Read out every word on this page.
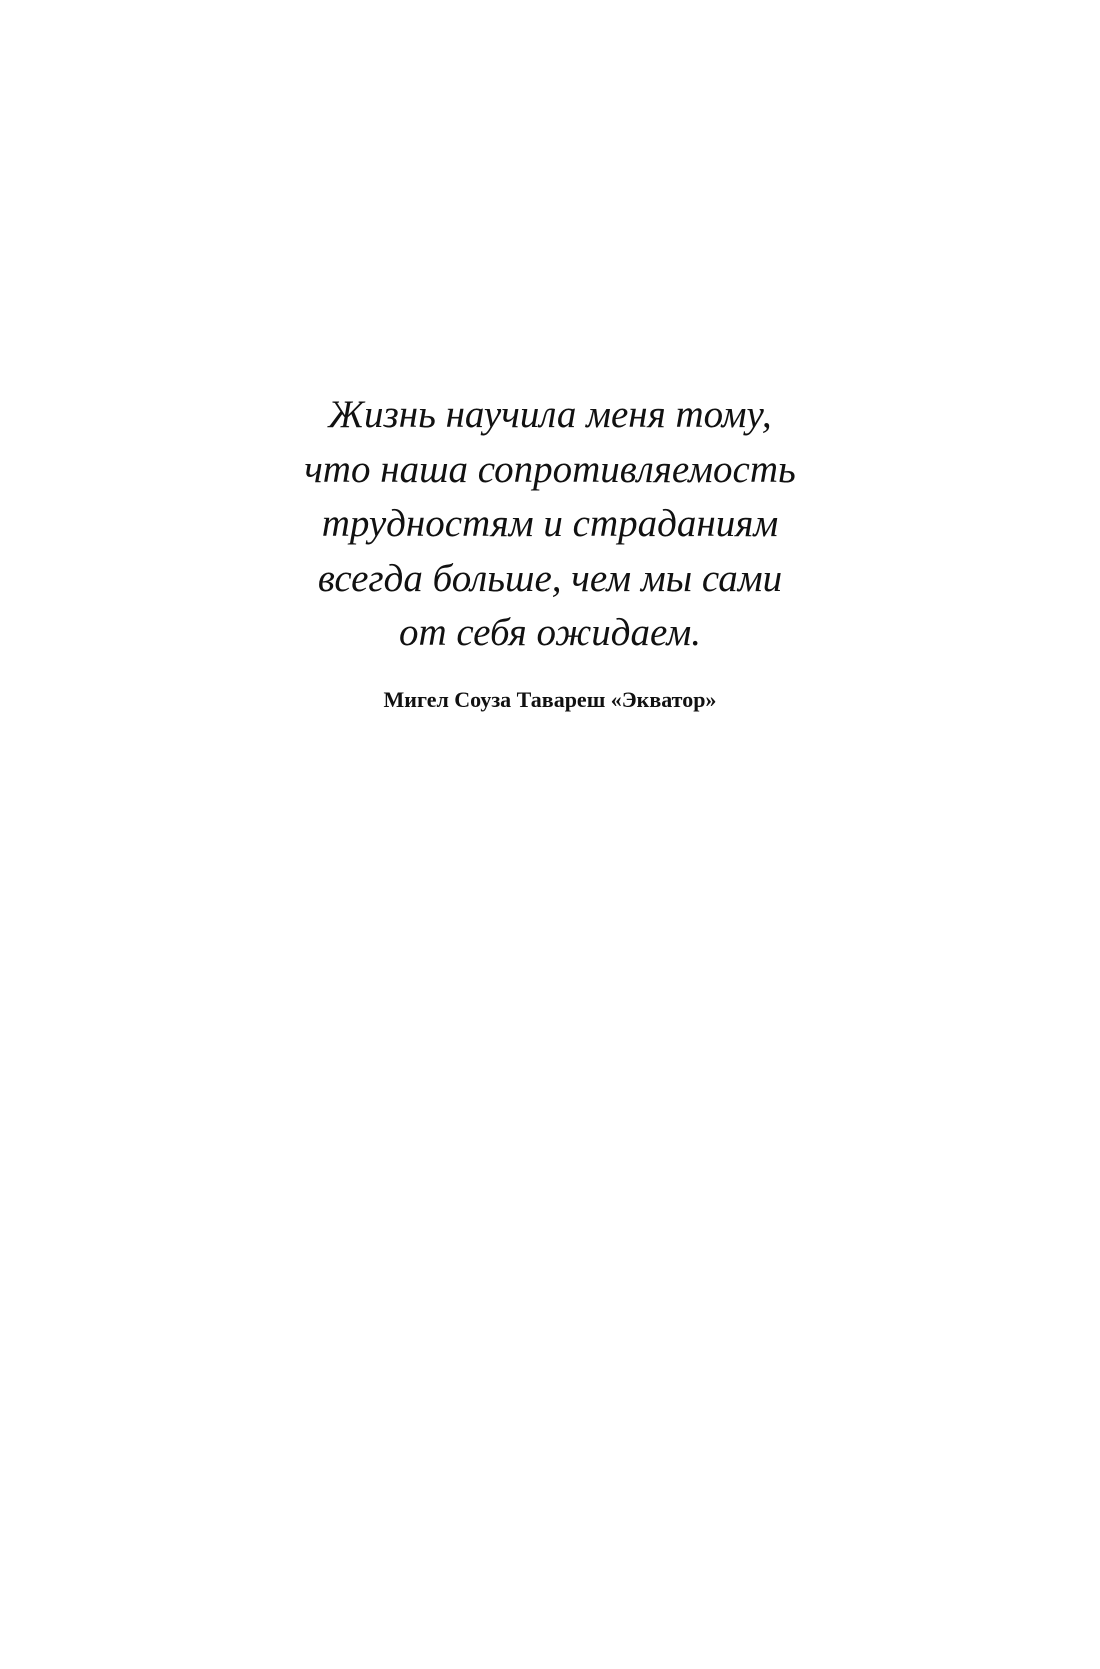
Жизнь научила меня тому,
что наша сопротивляемость
трудностям и страданиям
всегда больше, чем мы сами
от себя ожидаем.

Мигел Соуза Тавареш «Экватор»
